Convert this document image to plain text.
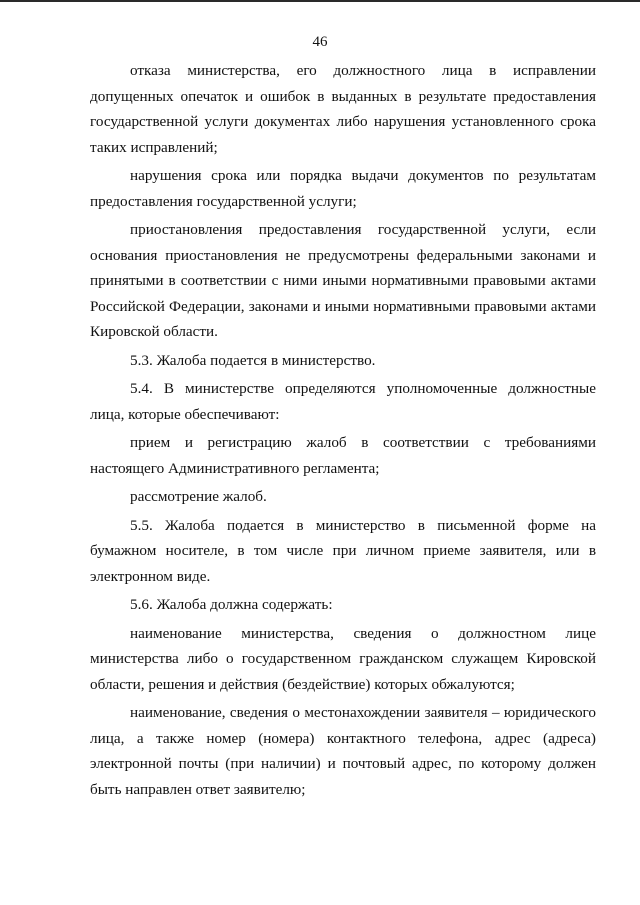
46

отказа министерства, его должностного лица в исправлении допущенных опечаток и ошибок в выданных в результате предоставления государственной услуги документах либо нарушения установленного срока таких исправлений;

нарушения срока или порядка выдачи документов по результатам предоставления государственной услуги;

приостановления предоставления государственной услуги, если основания приостановления не предусмотрены федеральными законами и принятыми в соответствии с ними иными нормативными правовыми актами Российской Федерации, законами и иными нормативными правовыми актами Кировской области.

5.3. Жалоба подается в министерство.

5.4. В министерстве определяются уполномоченные должностные лица, которые обеспечивают:

прием и регистрацию жалоб в соответствии с требованиями настоящего Административного регламента;

рассмотрение жалоб.

5.5. Жалоба подается в министерство в письменной форме на бумажном носителе, в том числе при личном приеме заявителя, или в электронном виде.

5.6. Жалоба должна содержать:

наименование министерства, сведения о должностном лице министерства либо о государственном гражданском служащем Кировской области, решения и действия (бездействие) которых обжалуются;

наименование, сведения о местонахождении заявителя – юридического лица, а также номер (номера) контактного телефона, адрес (адреса) электронной почты (при наличии) и почтовый адрес, по которому должен быть направлен ответ заявителю;
